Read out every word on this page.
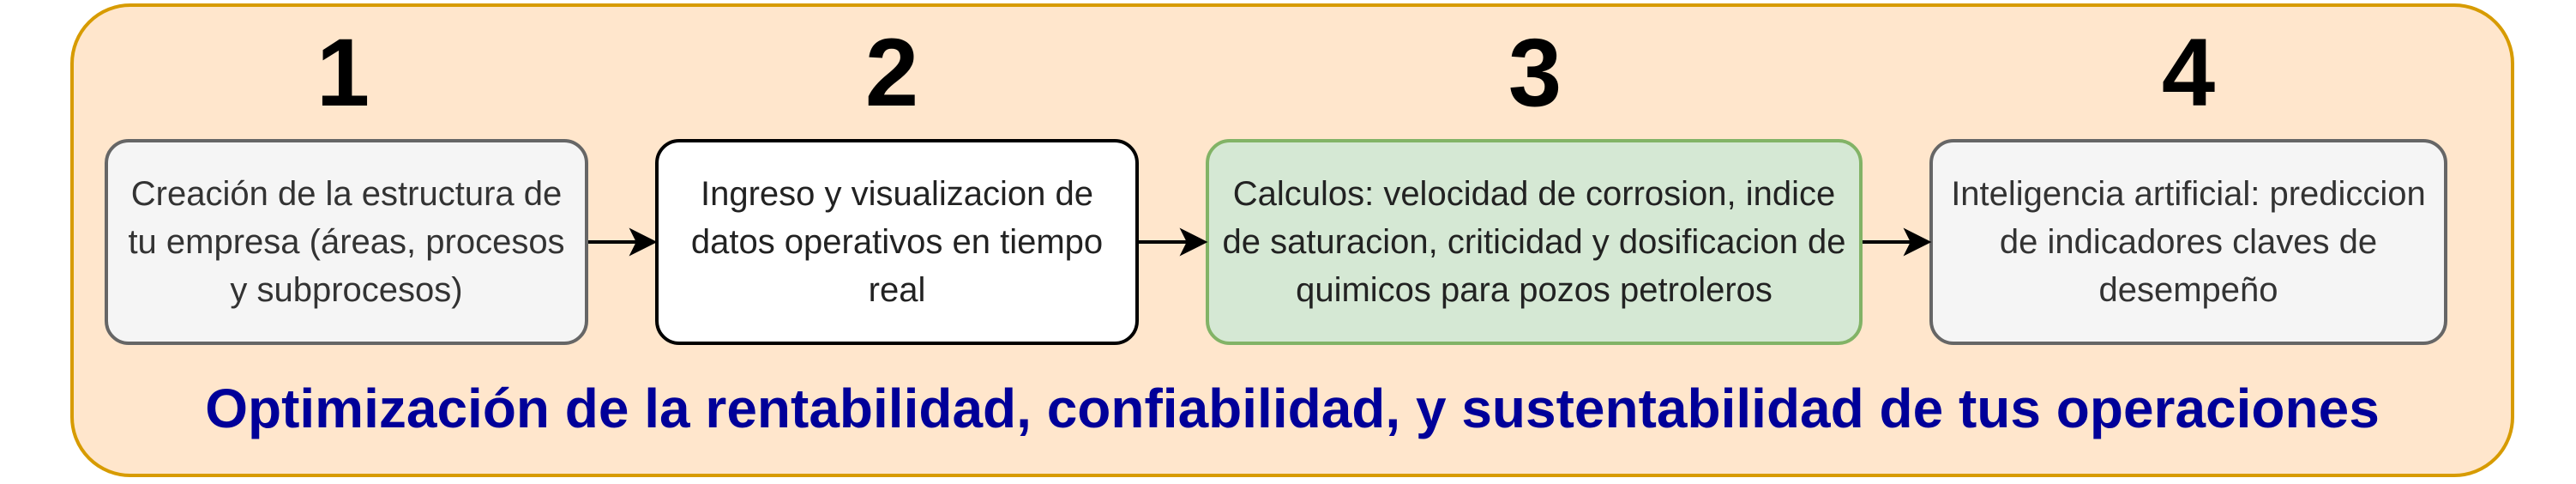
1	2	3	4
Creación de la estructura de tu empresa (áreas, procesos y subprocesos)
Ingreso y visualizacion de datos operativos en tiempo real
Calculos: velocidad de corrosion, indice de saturacion, criticidad y dosificacion de quimicos para pozos petroleros
Inteligencia artificial: prediccion de indicadores claves de desempeño
Optimización de la rentabilidad, confiabilidad, y sustentabilidad de tus operaciones
